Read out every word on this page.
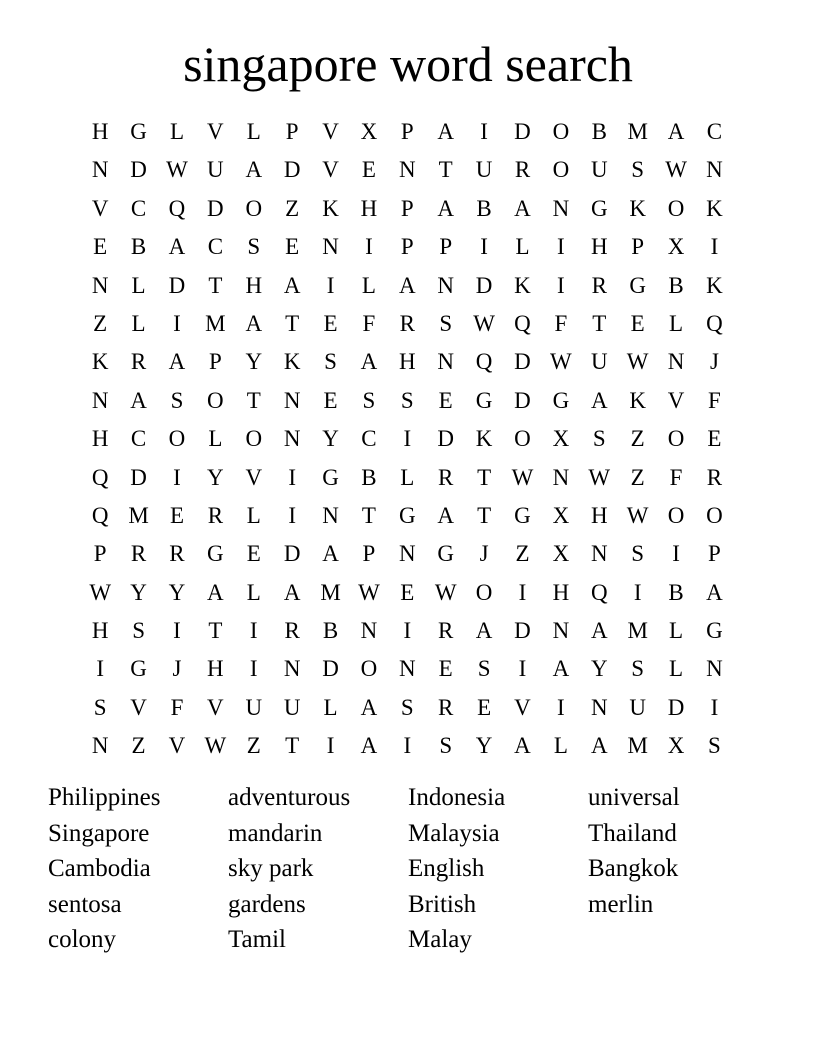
singapore word search
H G	L	V	L	P	V X	P	A	I	D O B M A C
N D W U A D V	E	N	T	U R O U	S W N
V C Q D O	Z	K H	P	A B A N G K O K
E	B A C	S	E	N	I	P	P	I	L	I	H	P	X	I
N	L	D	T	H A	I	L	A N D K	I	R G B K
Z	L	I	M A	T	E	F	R	S W Q	F	T	E	L	Q
K R A	P	Y K	S	A H N Q D W U W N	J
N A	S	O	T	N	E	S	S	E	G D G A K V	F
H C O	L	O N Y C	I	D K O X	S	Z	O	E
Q D	I	Y V	I	G B	L	R	T W N W Z	F	R
Q M E	R	L	I	N	T	G A	T	G X H W O O
P	R	R G	E	D A	P	N G	J	Z	X N	S	I	P
W Y Y A	L	A M W E W O	I	H Q	I	B A
H	S	I	T	I	R	B N	I	R A D N A M L	G
I	G	J	H	I	N D O N	E	S	I	A Y	S	L	N
S	V	F	V U U	L	A	S	R	E	V	I	N U D	I
N	Z	V W Z	T	I	A	I	S	Y A	L	A M X	S
Philippines
Singapore
Cambodia
sentosa
colony
adventurous
mandarin
sky park
gardens
Tamil
Indonesia
Malaysia
English
British
Malay
universal
Thailand
Bangkok
merlin
